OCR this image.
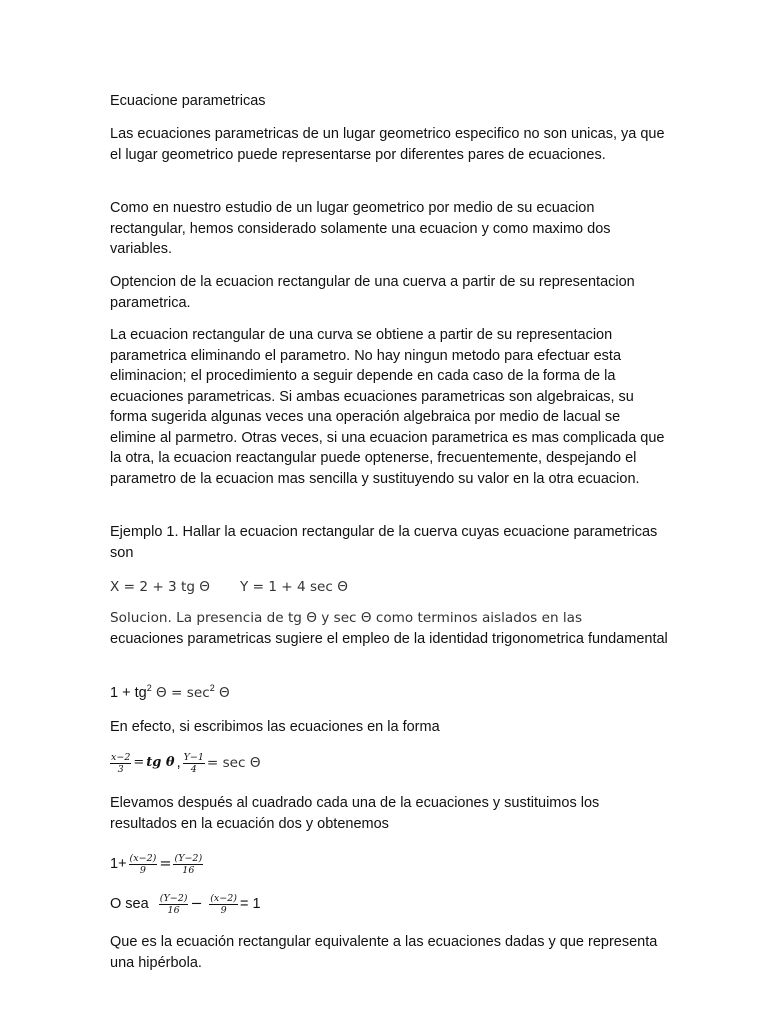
Ecuacione parametricas

Las ecuaciones parametricas de un lugar geometrico especifico no son unicas, ya que el lugar geometrico puede representarse por diferentes pares de ecuaciones.

Como en nuestro estudio de un lugar geometrico por medio de su ecuacion rectangular, hemos considerado solamente una ecuacion y como maximo dos variables.

Optencion de la ecuacion rectangular de una cuerva a partir de su representacion parametrica.

La ecuacion rectangular de una curva se obtiene a partir de su representacion parametrica eliminando el parametro. No hay ningun metodo para efectuar esta eliminacion; el procedimiento a seguir depende en cada caso de la forma de la ecuaciones parametricas. Si ambas ecuaciones parametricas son algebraicas, su forma sugerida algunas veces una operación algebraica por medio de lacual se elimine al parmetro. Otras veces, si una ecuacion parametrica es mas complicada que la otra, la ecuacion reactangular puede optenerse, frecuentemente, despejando el parametro de la ecuacion mas sencilla y sustituyendo su valor en la otra ecuacion.

Ejemplo 1. Hallar la ecuacion rectangular de la cuerva cuyas ecuacione parametricas son

X = 2 + 3 tg Θ Y = 1 + 4 sec Θ

Solucion. La presencia de tg Θ y sec Θ como terminos aislados en las
ecuaciones parametricas sugiere el empleo de la identidad trigonometrica fundamental

$1 + tg^2$ $\Theta = \sec^2 \Theta$

En efecto, si escribimos las ecuaciones en la forma

$\frac{x-2}{3}$ = tg θ , $\frac{Y-1}{4} = \sec \Theta$

Elevamos después al cuadrado cada una de la ecuaciones y sustituimos los resultados en la ecuación dos y obtenemos

$1+ \frac{(x-2)}{9} = \frac{(Y-2)}{16}$
O sea $\frac{(Y-2)}{16} - \frac{(x-2)}{9} = 1$

Que es la ecuación rectangular equivalente a las ecuaciones dadas y que representa una hipérbola.
